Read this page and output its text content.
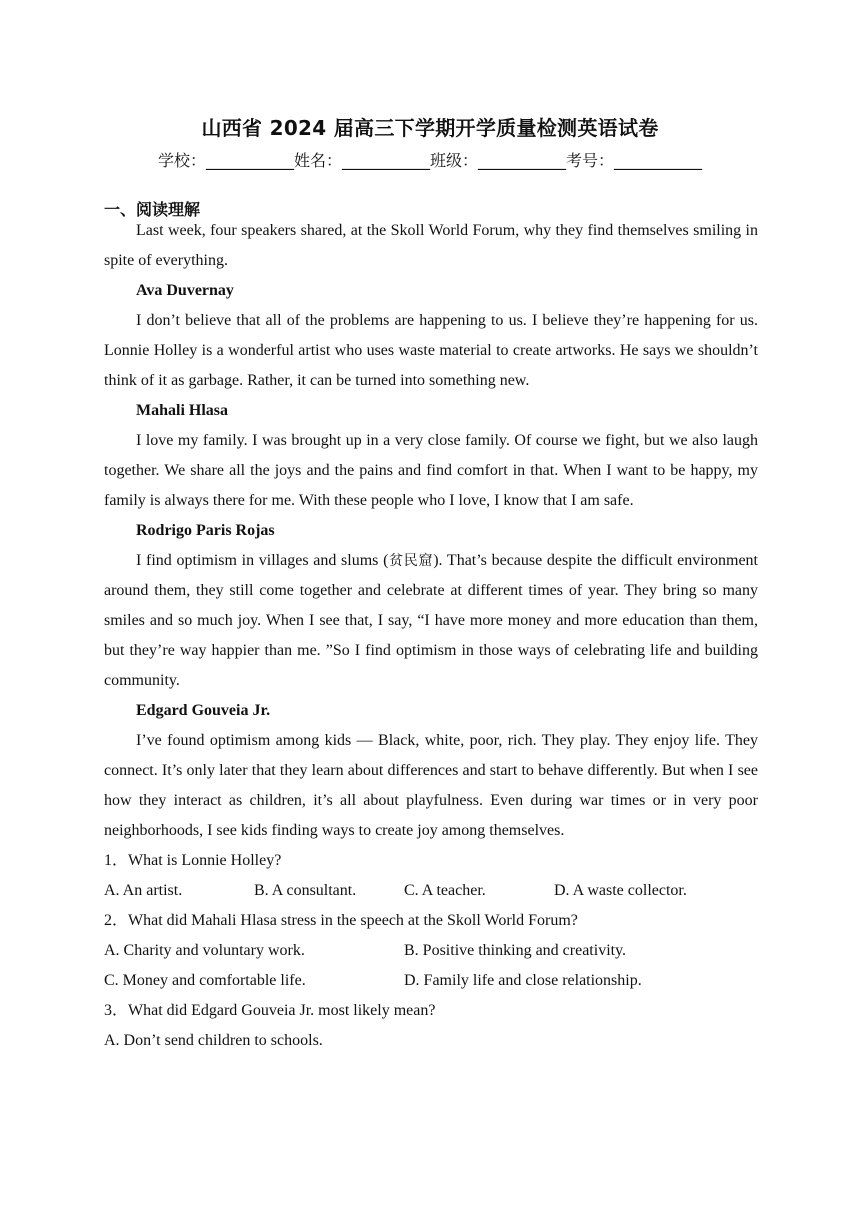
山西省 2024 届高三下学期开学质量检测英语试卷
学校：___________姓名：___________班级：___________考号：___________
一、阅读理解

Last week, four speakers shared, at the Skoll World Forum, why they find themselves smiling in spite of everything.

Ava Duvernay

I don’t believe that all of the problems are happening to us. I believe they’re happening for us. Lonnie Holley is a wonderful artist who uses waste material to create artworks. He says we shouldn’t think of it as garbage. Rather, it can be turned into something new.

Mahali Hlasa

I love my family. I was brought up in a very close family. Of course we fight, but we also laugh together. We share all the joys and the pains and find comfort in that. When I want to be happy, my family is always there for me. With these people who I love, I know that I am safe.

Rodrigo Paris Rojas

I find optimism in villages and slums (贫民窟). That’s because despite the difficult environment around them, they still come together and celebrate at different times of year. They bring so many smiles and so much joy. When I see that, I say, “I have more money and more education than them, but they’re way happier than me. ”So I find optimism in those ways of celebrating life and building community.

Edgard Gouveia Jr.

I’ve found optimism among kids — Black, white, poor, rich. They play. They enjoy life. They connect. It’s only later that they learn about differences and start to behave differently. But when I see how they interact as children, it’s all about playfulness. Even during war times or in very poor neighborhoods, I see kids finding ways to create joy among themselves.

1．What is Lonnie Holley?

A. An artist.	B. A consultant.	C. A teacher.	D. A waste collector.

2．What did Mahali Hlasa stress in the speech at the Skoll World Forum?

A. Charity and voluntary work.	B. Positive thinking and creativity.
C. Money and comfortable life.	D. Family life and close relationship.

3．What did Edgard Gouveia Jr. most likely mean?

A. Don’t send children to schools.
